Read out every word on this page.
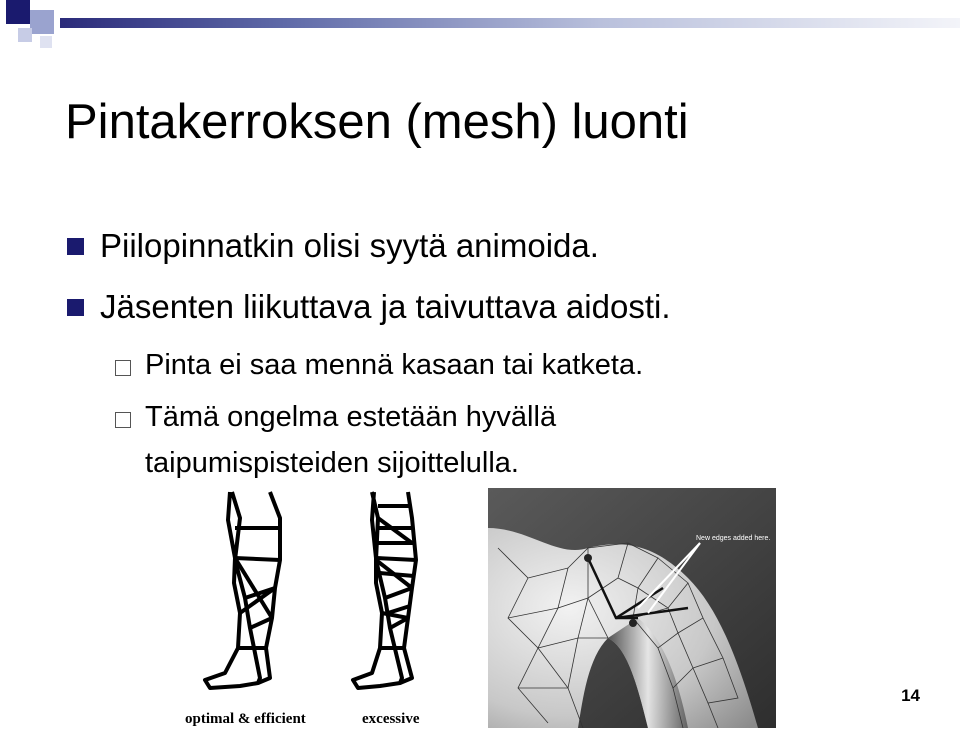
Pintakerroksen (mesh) luonti
Piilopinnatkin olisi syytä animoida.
Jäsenten liikuttava ja taivuttava aidosti.
Pinta ei saa mennä kasaan tai katketa.
Tämä ongelma estetään hyvällä
taipumispisteiden sijoittelulla.
optimal & efficient	excessive
New edges added here.
14
